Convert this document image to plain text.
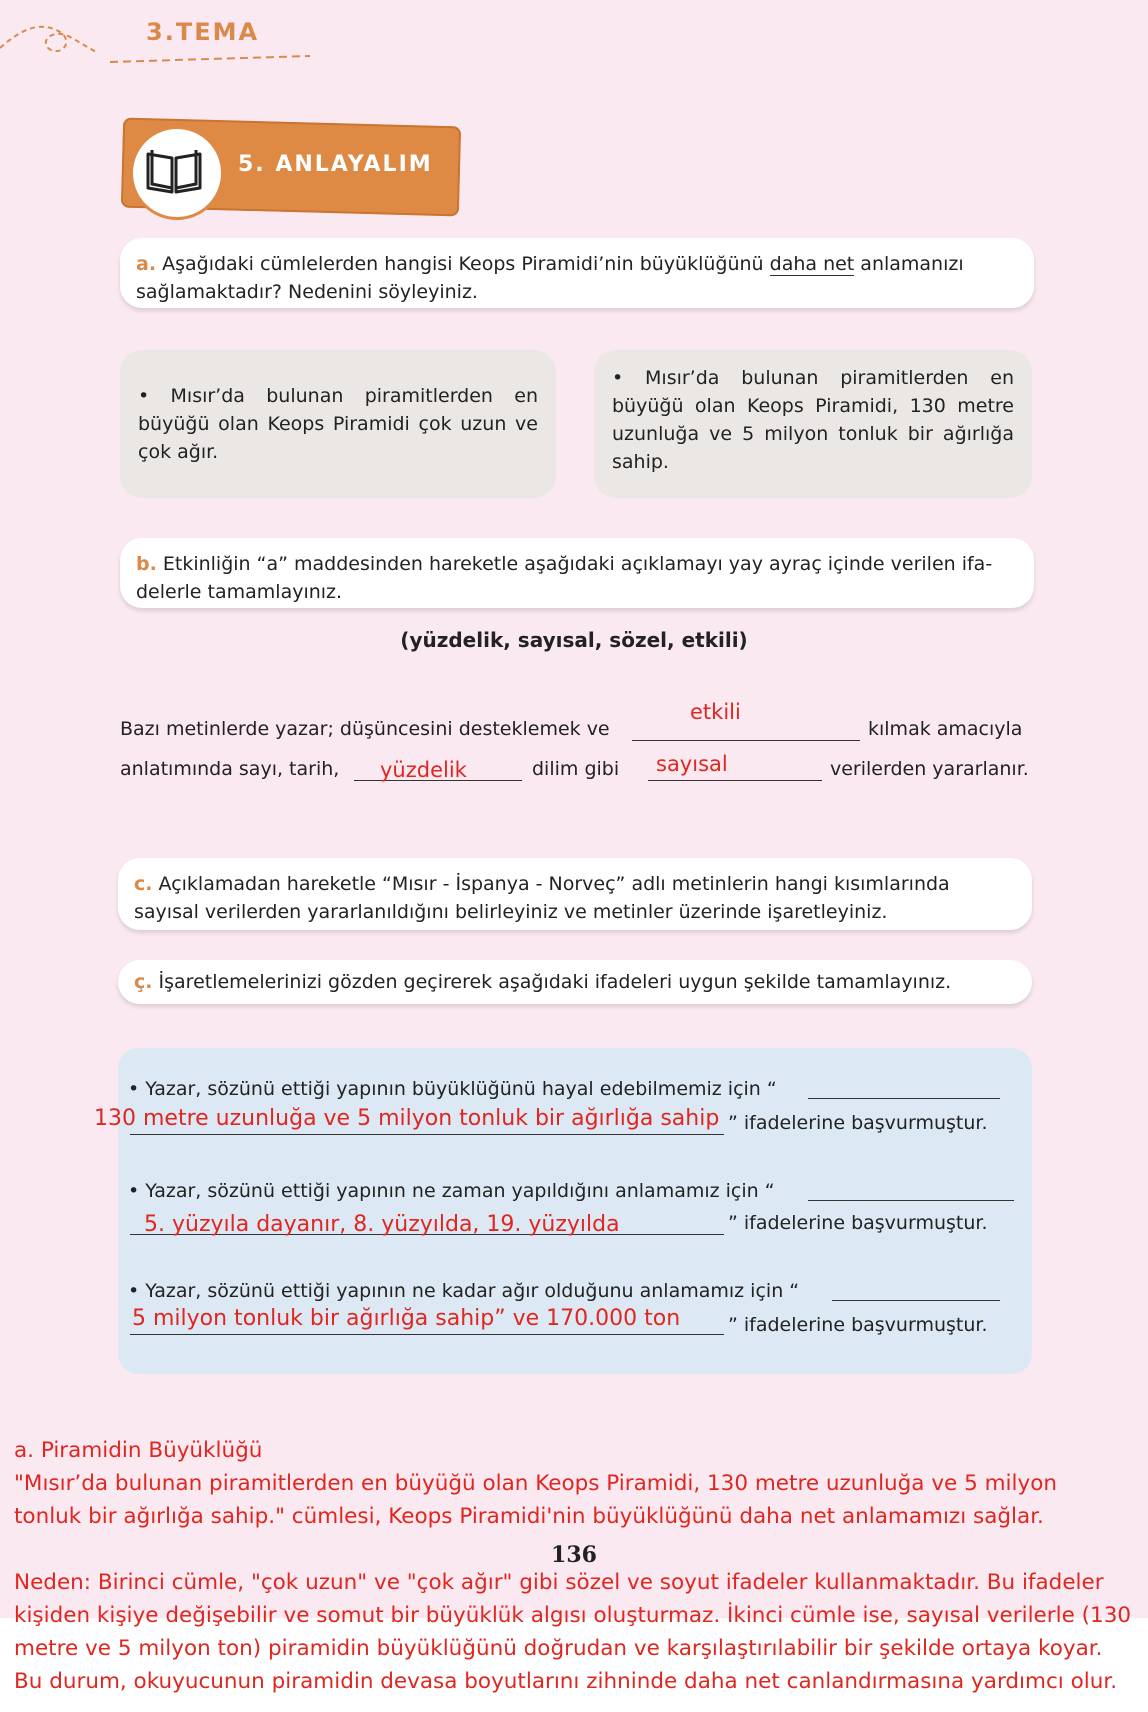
3.TEMA
5. ANLAYALIM
a. Aşağıdaki cümlelerden hangisi Keops Piramidi’nin büyüklüğünü daha net anlamanızı
sağlamaktadır? Nedenini söyleyiniz.
• Mısır’da bulunan piramitlerden en büyüğü olan Keops Piramidi çok uzun ve çok ağır.
• Mısır’da bulunan piramitlerden en büyüğü olan Keops Piramidi, 130 metre uzunluğa ve 5 milyon tonluk bir ağırlığa sahip.
b. Etkinliğin “a” maddesinden hareketle aşağıdaki açıklamayı yay ayraç içinde verilen ifa-
delerle tamamlayınız.
(yüzdelik, sayısal, sözel, etkili)
Bazı metinlerde yazar; düşüncesini desteklemek ve
etkili
kılmak amacıyla
anlatımında sayı, tarih, yüzdelik	dilim gibi sayısal	verilerden yararlanır.
c. Açıklamadan hareketle “Mısır - İspanya - Norveç” adlı metinlerin hangi kısımlarında
sayısal verilerden yararlanıldığını belirleyiniz ve metinler üzerinde işaretleyiniz.
ç. İşaretlemelerinizi gözden geçirerek aşağıdaki ifadeleri uygun şekilde tamamlayınız.
• Yazar, sözünü ettiği yapının büyüklüğünü hayal edebilmemiz için “
130 metre uzunluğa ve 5 milyon tonluk bir ağırlığa sahip ” ifadelerine başvurmuştur.
• Yazar, sözünü ettiği yapının ne zaman yapıldığını anlamamız için “
5. yüzyıla dayanır, 8. yüzyılda, 19. yüzyılda	” ifadelerine başvurmuştur.
• Yazar, sözünü ettiği yapının ne kadar ağır olduğunu anlamamız için “
5 milyon tonluk bir ağırlığa sahip” ve 170.000 ton	” ifadelerine başvurmuştur.
136
a. Piramidin Büyüklüğü
"Mısır’da bulunan piramitlerden en büyüğü olan Keops Piramidi, 130 metre uzunluğa ve 5 milyon
tonluk bir ağırlığa sahip." cümlesi, Keops Piramidi'nin büyüklüğünü daha net anlamamızı sağlar.
Neden: Birinci cümle, "çok uzun" ve "çok ağır" gibi sözel ve soyut ifadeler kullanmaktadır. Bu ifadeler
kişiden kişiye değişebilir ve somut bir büyüklük algısı oluşturmaz. İkinci cümle ise, sayısal verilerle (130
metre ve 5 milyon ton) piramidin büyüklüğünü doğrudan ve karşılaştırılabilir bir şekilde ortaya koyar.
Bu durum, okuyucunun piramidin devasa boyutlarını zihninde daha net canlandırmasına yardımcı olur.
